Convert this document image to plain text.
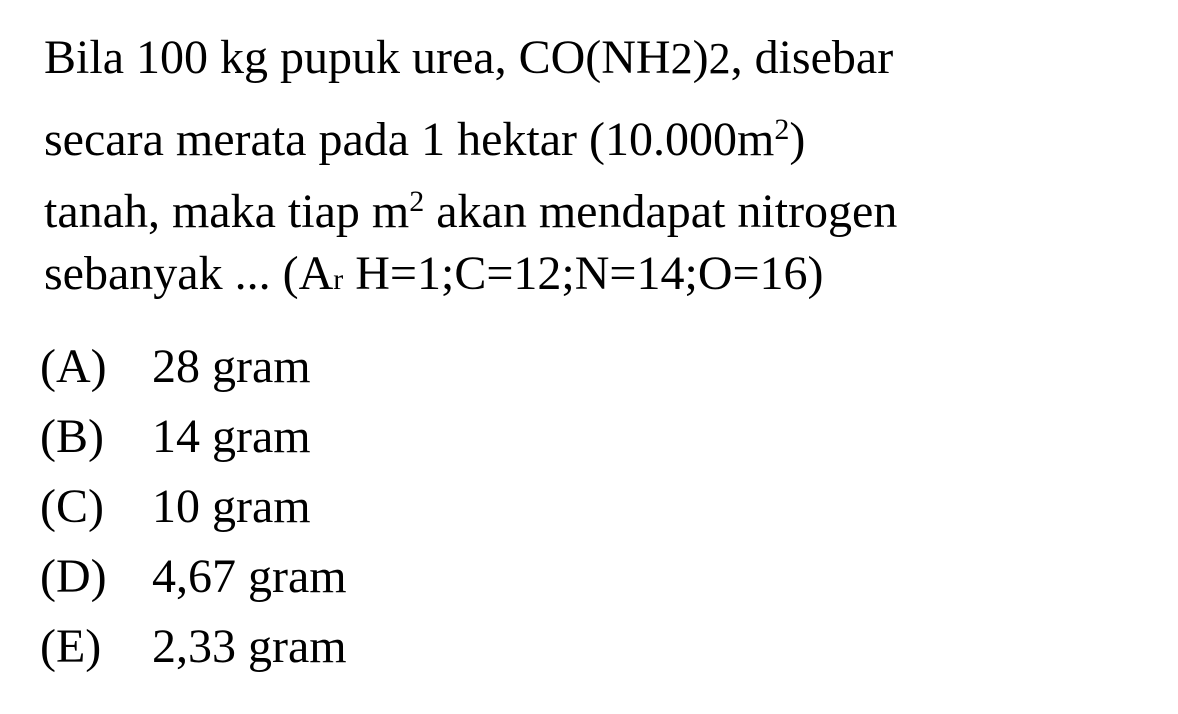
Bila 100 kg pupuk urea, CO(NH2)2, disebar
secara merata pada 1 hektar $(10.000m^2)$
tanah, maka tiap $m^2$ akan mendapat nitrogen
sebanyak ... (Ar H=1;C=12;N=14;O=16)
(A) 28 gram
(B) 14 gram
(C) 10 gram
(D) 4,67 gram
(E) 2,33 gram
